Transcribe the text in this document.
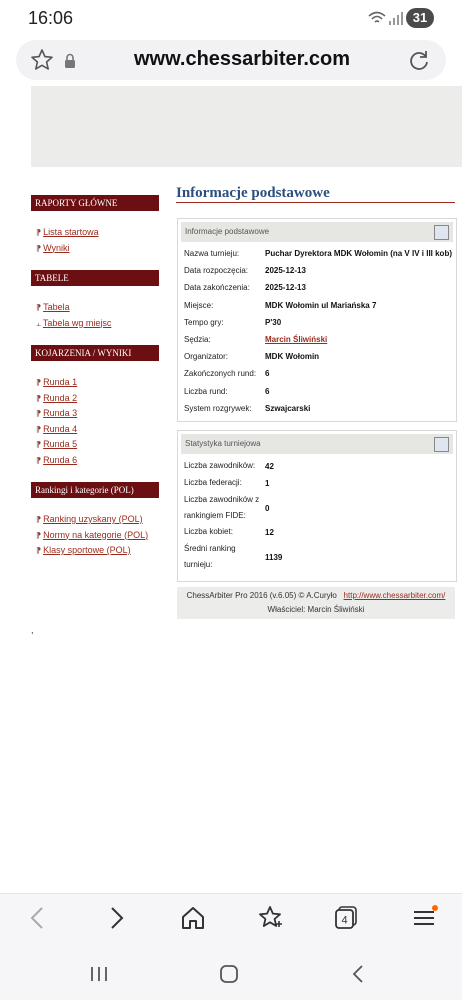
16:06	31
www.chessarbiter.com
RAPORTY GŁÓWNE
⁋ Lista startowa
⁋ Wyniki
TABELE
⁋ Tabela
⫠ Tabela wg miejsc
KOJARZENIA / WYNIKI
⁋ Runda 1
⁋ Runda 2
⁋ Runda 3
⁋ Runda 4
⁋ Runda 5
⁋ Runda 6
Rankingi i kategorie (POL)
⁋ Ranking uzyskany (POL)
⁋ Normy na kategorie (POL)
⁋ Klasy sportowe (POL)
Informacje podstawowe
Informacje podstawowe
Nazwa turnieju:	Puchar Dyrektora MDK Wołomin (na V IV i III kob)
Data rozpoczęcia: 2025-12-13
Data zakończenia: 2025-12-13
Miejsce:	MDK Wołomin ul Mariańska 7
Tempo gry:	P'30
Sędzia:	Marcin Śliwiński
Organizator:	MDK Wołomin
Zakończonych rund: 6
Liczba rund:	6
System rozgrywek: Szwajcarski
Statystyka turniejowa
Liczba zawodników:	42
Liczba federacji:	1
Liczba zawodników z rankingiem FIDE:
0
Liczba kobiet:	12
Średni ranking turnieju:
1139
ChessArbiter Pro 2016 (v.6.05) © A.Curyło http://www.chessarbiter.com/
Właściciel: Marcin Śliwiński
,
4
